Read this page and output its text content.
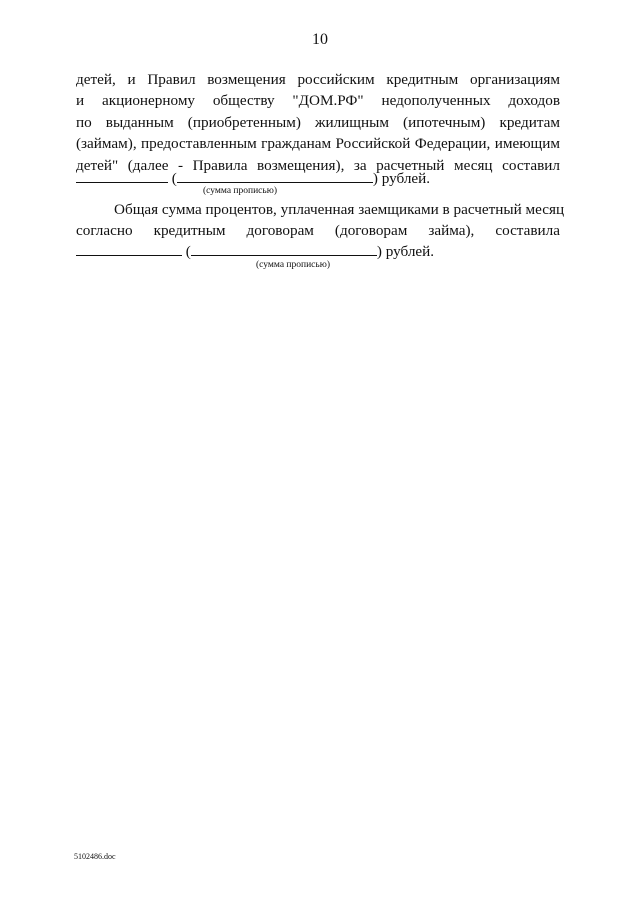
10
детей, и Правил возмещения российским кредитным организациям
и акционерному обществу "ДОМ.РФ" недополученных доходов
по выданным (приобретенным) жилищным (ипотечным) кредитам
(займам), предоставленным гражданам Российской Федерации, имеющим
детей" (далее - Правила возмещения), за расчетный месяц составил
(	) рублей.
(сумма прописью)
Общая сумма процентов, уплаченная заемщиками в расчетный месяц
согласно кредитным договорам (договорам займа), составила
(	) рублей.
(сумма прописью)
5102486.doc
